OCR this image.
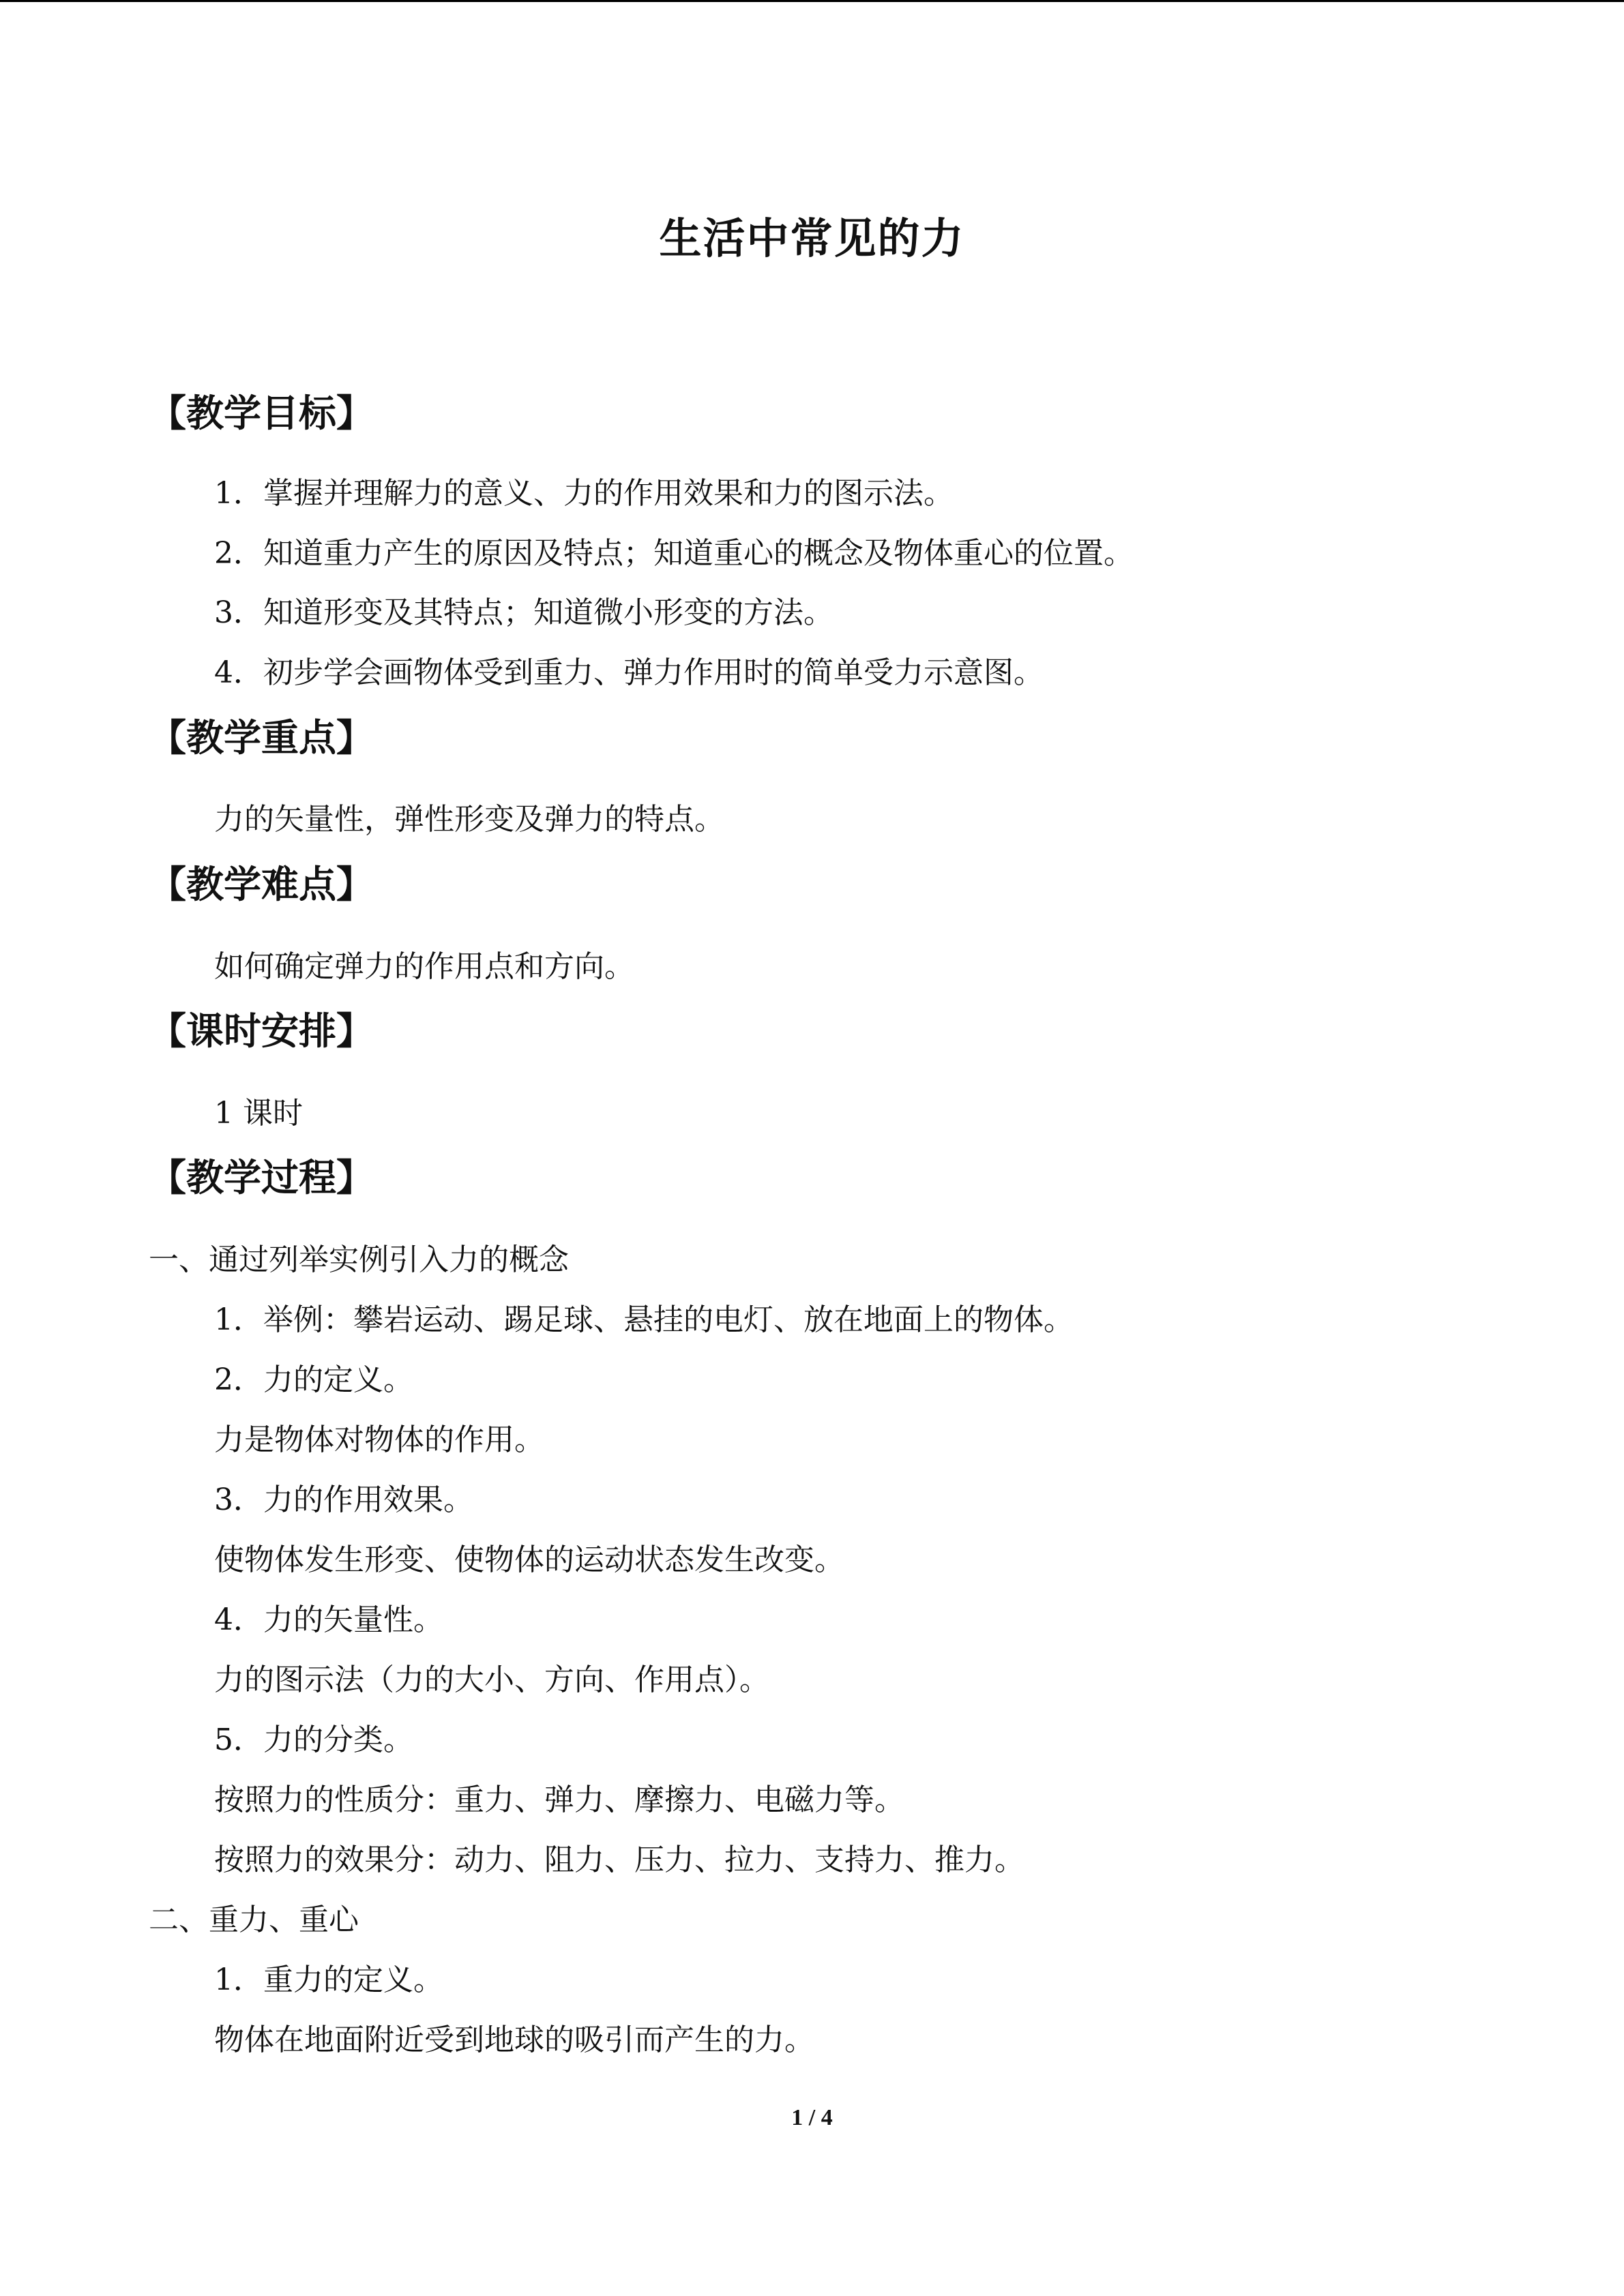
生活中常见的力
【教学目标】
1．掌握并理解力的意义、力的作用效果和力的图示法。
2．知道重力产生的原因及特点；知道重心的概念及物体重心的位置。
3．知道形变及其特点；知道微小形变的方法。
4．初步学会画物体受到重力、弹力作用时的简单受力示意图。
【教学重点】
力的矢量性，弹性形变及弹力的特点。
【教学难点】
如何确定弹力的作用点和方向。
【课时安排】
1 课时
【教学过程】
一、通过列举实例引入力的概念
1．举例：攀岩运动、踢足球、悬挂的电灯、放在地面上的物体。
2．力的定义。
力是物体对物体的作用。
3．力的作用效果。
使物体发生形变、使物体的运动状态发生改变。
4．力的矢量性。
力的图示法（力的大小、方向、作用点）。
5．力的分类。
按照力的性质分：重力、弹力、摩擦力、电磁力等。
按照力的效果分：动力、阻力、压力、拉力、支持力、推力。
二、重力、重心
1．重力的定义。
物体在地面附近受到地球的吸引而产生的力。
1 / 4
